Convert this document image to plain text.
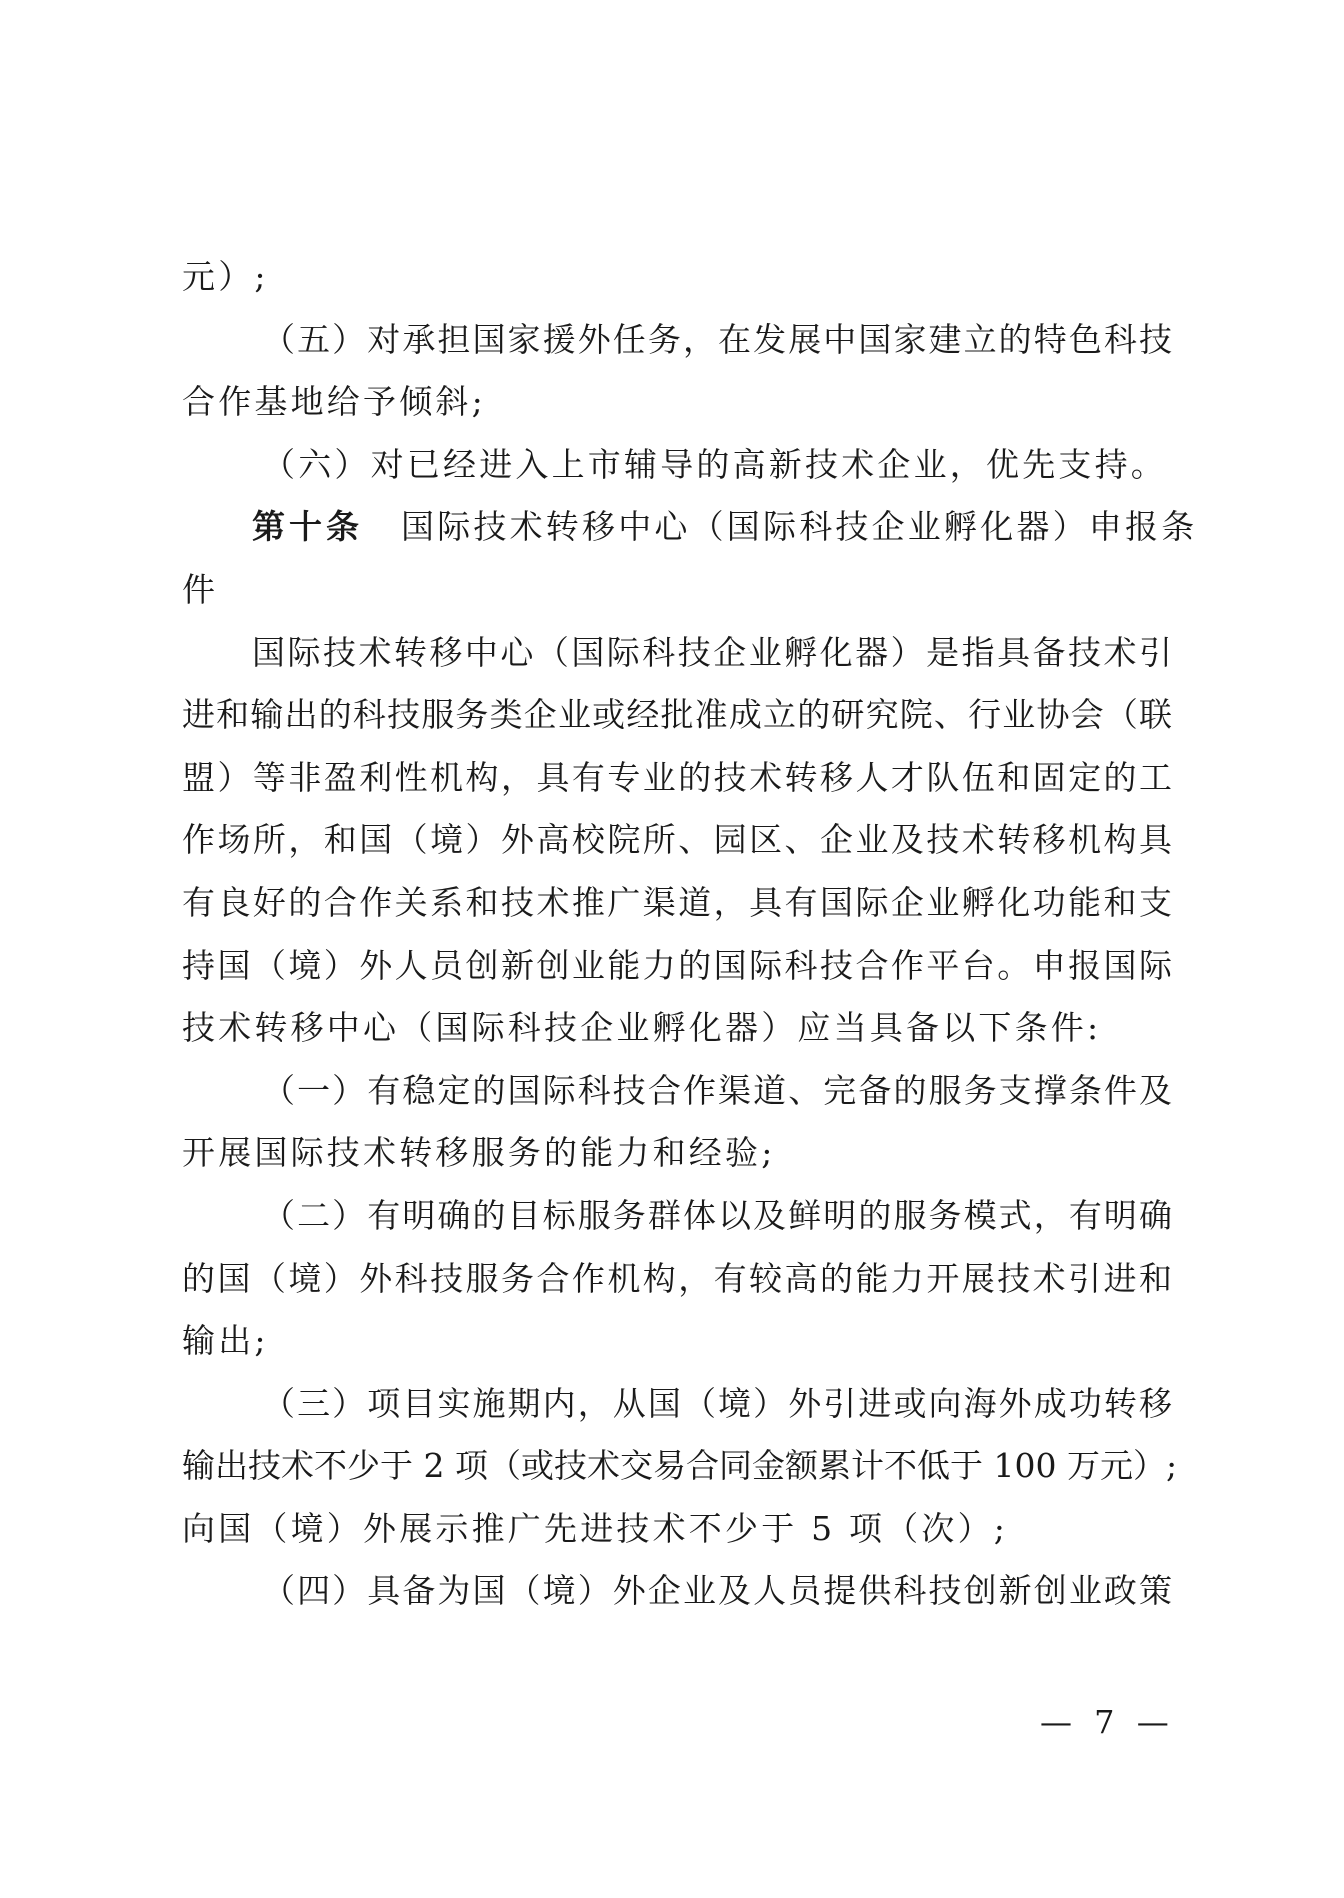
元）;
（五）对承担国家援外任务，在发展中国家建立的特色科技
合作基地给予倾斜;
（六）对已经进入上市辅导的高新技术企业，优先支持。
第十条 国际技术转移中心（国际科技企业孵化器）申报条
件
国际技术转移中心（国际科技企业孵化器）是指具备技术引
进和输出的科技服务类企业或经批准成立的研究院、行业协会（联
盟）等非盈利性机构，具有专业的技术转移人才队伍和固定的工
作场所，和国（境）外高校院所、园区、企业及技术转移机构具
有良好的合作关系和技术推广渠道，具有国际企业孵化功能和支
持国（境）外人员创新创业能力的国际科技合作平台。申报国际
技术转移中心（国际科技企业孵化器）应当具备以下条件:
（一）有稳定的国际科技合作渠道、完备的服务支撑条件及
开展国际技术转移服务的能力和经验;
（二）有明确的目标服务群体以及鲜明的服务模式，有明确
的国（境）外科技服务合作机构，有较高的能力开展技术引进和
输出;
（三）项目实施期内，从国（境）外引进或向海外成功转移
输出技术不少于 2 项（或技术交易合同金额累计不低于 100 万元）;
向国（境）外展示推广先进技术不少于 5 项（次）;
（四）具备为国（境）外企业及人员提供科技创新创业政策
— 7 —
